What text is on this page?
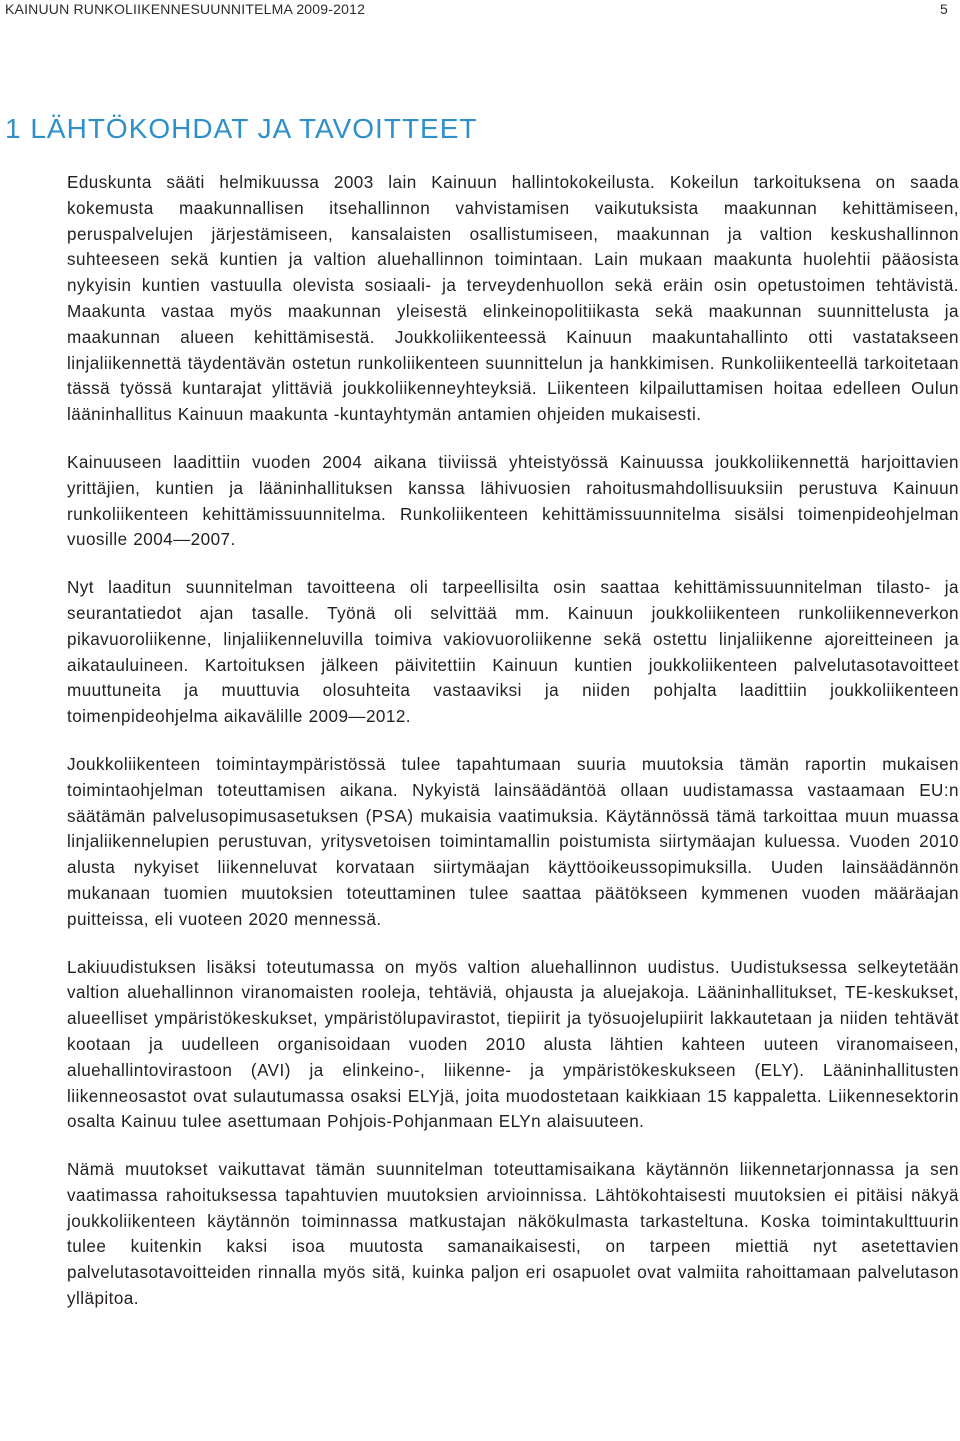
KAINUUN RUNKOLIIKENNESUUNNITELMA 2009-2012	5
1 LÄHTÖKOHDAT JA TAVOITTEET

Eduskunta sääti helmikuussa 2003 lain Kainuun hallintokokeilusta. Kokeilun tarkoituksena on saada kokemusta maakunnallisen itsehallinnon vahvistamisen vaikutuksista maakunnan kehittämiseen, peruspalvelujen järjestämiseen, kansalaisten osallistumiseen, maakunnan ja valtion keskushallinnon suhteeseen sekä kuntien ja valtion aluehallinnon toimintaan. Lain mukaan maakunta huolehtii pääosista nykyisin kuntien vastuulla olevista sosiaali- ja terveydenhuollon sekä eräin osin opetustoimen tehtävistä. Maakunta vastaa myös maakunnan yleisestä elinkeinopolitiikasta sekä maakunnan suunnittelusta ja maakunnan alueen kehittämisestä. Joukkoliikenteessä Kainuun maakuntahallinto otti vastatakseen linjaliikennettä täydentävän ostetun runkoliikenteen suunnittelun ja hankkimisen. Runkoliikenteellä tarkoitetaan tässä työssä kuntarajat ylittäviä joukkoliikenneyhteyksiä. Liikenteen kilpailuttamisen hoitaa edelleen Oulun lääninhallitus Kainuun maakunta -kuntayhtymän antamien ohjeiden mukaisesti.

Kainuuseen laadittiin vuoden 2004 aikana tiiviissä yhteistyössä Kainuussa joukkoliikennettä harjoittavien yrittäjien, kuntien ja lääninhallituksen kanssa lähivuosien rahoitusmahdollisuuksiin perustuva Kainuun runkoliikenteen kehittämissuunnitelma. Runkoliikenteen kehittämissuunnitelma sisälsi toimenpideohjelman vuosille 2004—2007.

Nyt laaditun suunnitelman tavoitteena oli tarpeellisilta osin saattaa kehittämissuunnitelman tilasto- ja seurantatiedot ajan tasalle. Työnä oli selvittää mm. Kainuun joukkoliikenteen runkoliikenneverkon pikavuoroliikenne, linjaliikenneluvilla toimiva vakiovuoroliikenne sekä ostettu linjaliikenne ajoreitteineen ja aikatauluineen. Kartoituksen jälkeen päivitettiin Kainuun kuntien joukkoliikenteen palvelutasotavoitteet muuttuneita ja muuttuvia olosuhteita vastaaviksi ja niiden pohjalta laadittiin joukkoliikenteen toimenpideohjelma aikavälille 2009—2012.

Joukkoliikenteen toimintaympäristössä tulee tapahtumaan suuria muutoksia tämän raportin mukaisen toimintaohjelman toteuttamisen aikana. Nykyistä lainsäädäntöä ollaan uudistamassa vastaamaan EU:n säätämän palvelusopimusasetuksen (PSA) mukaisia vaatimuksia. Käytännössä tämä tarkoittaa muun muassa linjaliikennelupien perustuvan, yritysvetoisen toimintamallin poistumista siirtymäajan kuluessa. Vuoden 2010 alusta nykyiset liikenneluvat korvataan siirtymäajan käyttöoikeussopimuksilla. Uuden lainsäädännön mukanaan tuomien muutoksien toteuttaminen tulee saattaa päätökseen kymmenen vuoden määräajan puitteissa, eli vuoteen 2020 mennessä.

Lakiuudistuksen lisäksi toteutumassa on myös valtion aluehallinnon uudistus. Uudistuksessa selkeytetään valtion aluehallinnon viranomaisten rooleja, tehtäviä, ohjausta ja aluejakoja. Lääninhallitukset, TE-keskukset, alueelliset ympäristökeskukset, ympäristölupavirastot, tiepiirit ja työsuojelupiirit lakkautetaan ja niiden tehtävät kootaan ja uudelleen organisoidaan vuoden 2010 alusta lähtien kahteen uuteen viranomaiseen, aluehallintovirastoon (AVI) ja elinkeino-, liikenne- ja ympäristökeskukseen (ELY). Lääninhallitusten liikenneosastot ovat sulautumassa osaksi ELYjä, joita muodostetaan kaikkiaan 15 kappaletta. Liikennesektorin osalta Kainuu tulee asettumaan Pohjois-Pohjanmaan ELYn alaisuuteen.

Nämä muutokset vaikuttavat tämän suunnitelman toteuttamisaikana käytännön liikennetarjonnassa ja sen vaatimassa rahoituksessa tapahtuvien muutoksien arvioinnissa. Lähtökohtaisesti muutoksien ei pitäisi näkyä joukkoliikenteen käytännön toiminnassa matkustajan näkökulmasta tarkasteltuna. Koska toimintakulttuurin tulee kuitenkin kaksi isoa muutosta samanaikaisesti, on tarpeen miettiä nyt asetettavien palvelutasotavoitteiden rinnalla myös sitä, kuinka paljon eri osapuolet ovat valmiita rahoittamaan palvelutason ylläpitoa.
